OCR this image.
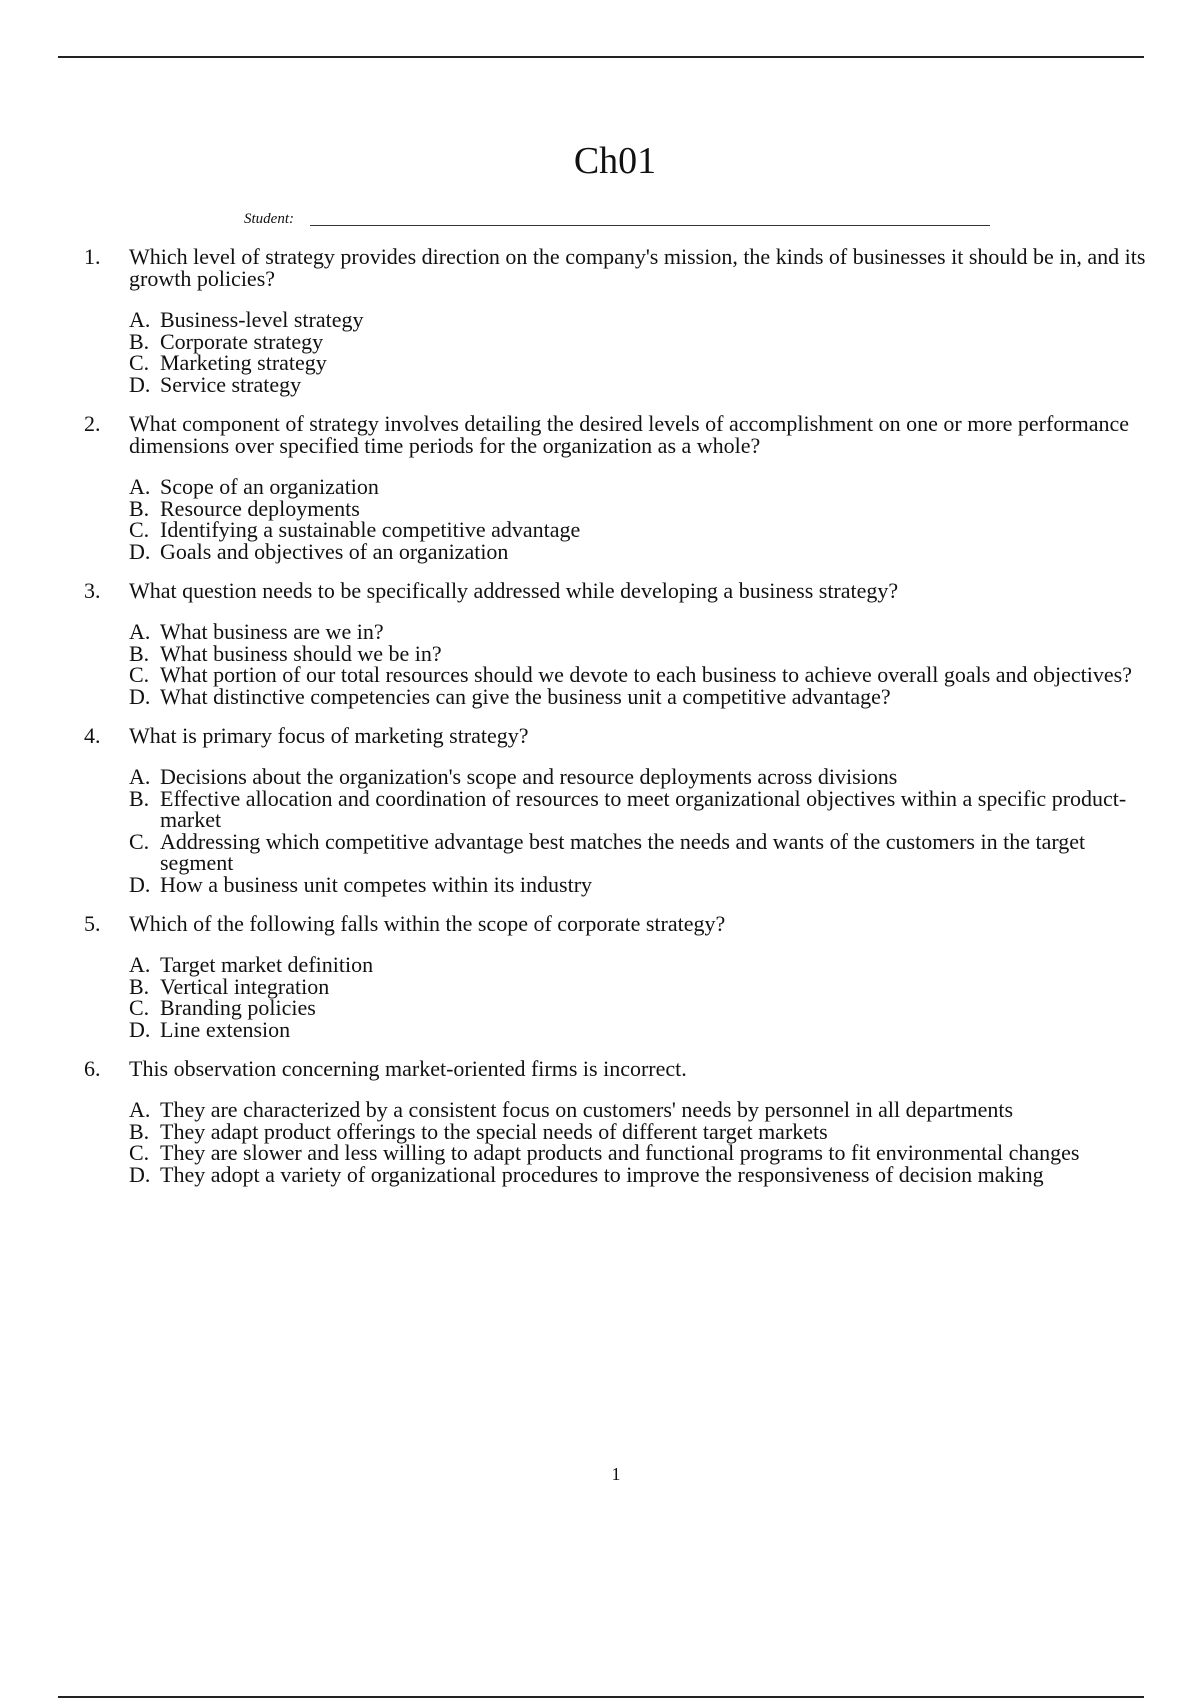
Ch01
Student:
1.	Which level of strategy provides direction on the company's mission, the kinds of businesses it should be in, and its growth policies?
A. Business-level strategy
B. Corporate strategy
C. Marketing strategy
D. Service strategy
2.	What component of strategy involves detailing the desired levels of accomplishment on one or more performance dimensions over specified time periods for the organization as a whole?
A. Scope of an organization
B. Resource deployments
C. Identifying a sustainable competitive advantage
D. Goals and objectives of an organization
3.	What question needs to be specifically addressed while developing a business strategy?
A. What business are we in?
B. What business should we be in?
C. What portion of our total resources should we devote to each business to achieve overall goals and objectives?
D. What distinctive competencies can give the business unit a competitive advantage?
4.	What is primary focus of marketing strategy?
A. Decisions about the organization's scope and resource deployments across divisions
B. Effective allocation and coordination of resources to meet organizational objectives within a specific product-market
C. Addressing which competitive advantage best matches the needs and wants of the customers in the target segment
D. How a business unit competes within its industry
5.	Which of the following falls within the scope of corporate strategy?
A. Target market definition
B. Vertical integration
C. Branding policies
D. Line extension
6.	This observation concerning market-oriented firms is incorrect.
A. They are characterized by a consistent focus on customers' needs by personnel in all departments
B. They adapt product offerings to the special needs of different target markets
C. They are slower and less willing to adapt products and functional programs to fit environmental changes
D. They adopt a variety of organizational procedures to improve the responsiveness of decision making
1
